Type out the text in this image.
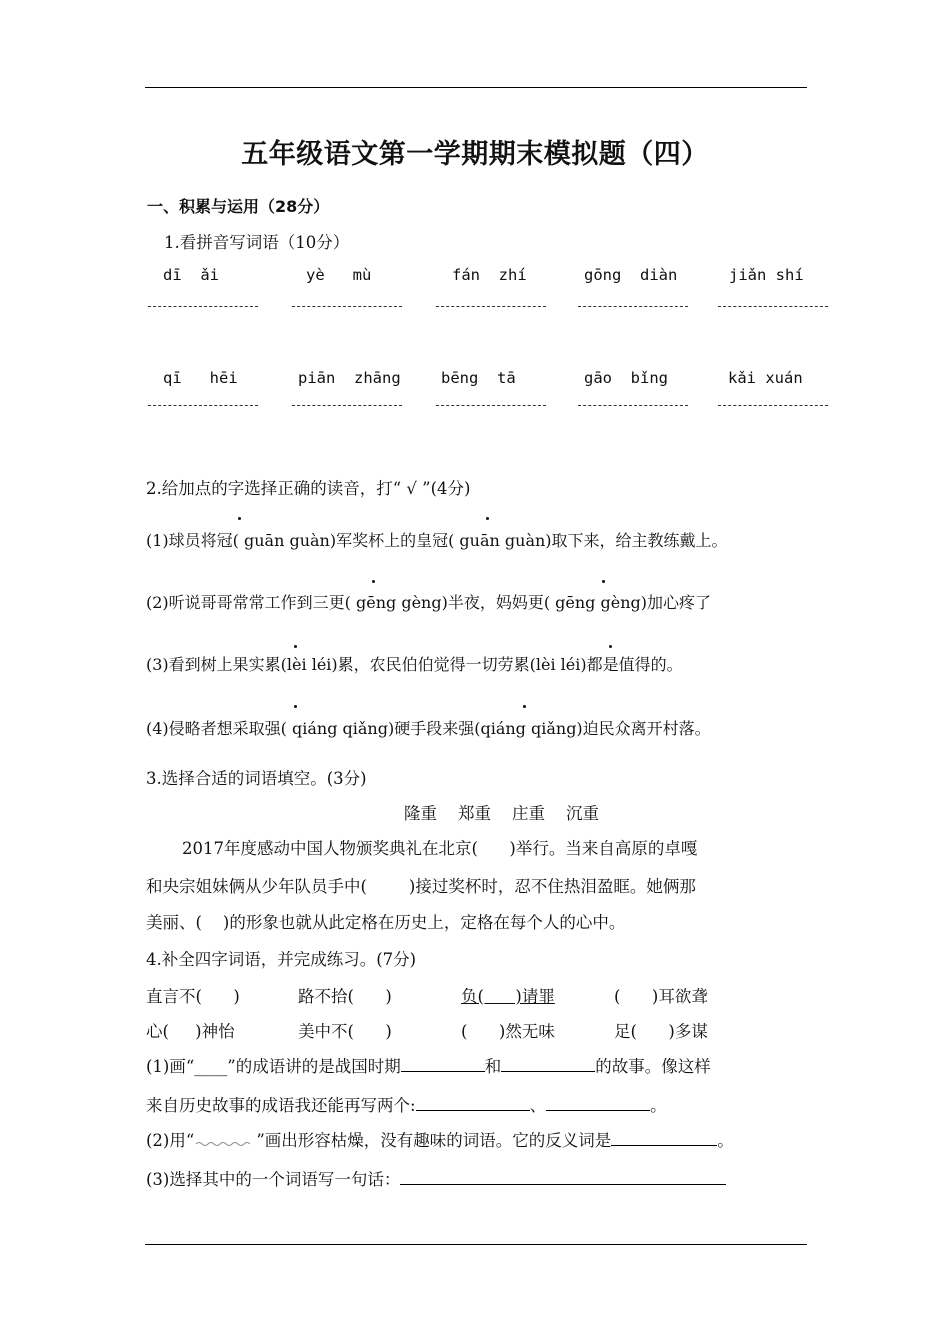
五年级语文第一学期期末模拟题（四）
一、积累与运用（28分）
1.看拼音写词语（10分）
dī  ǎi	yè   mù	fán  zhí	gōng  diàn	jiǎn shí
qī   hēi	piān  zhāng	bēng  tā	gāo  bǐng	kǎi xuán
2.给加点的字选择正确的读音，打“ √ ”(4分)
(1)球员将冠( guān guàn)军奖杯上的皇冠( guān guàn)取下来，给主教练戴上。
(2)听说哥哥常常工作到三更( gēng gèng)半夜，妈妈更( gēng gèng)加心疼了
(3)看到树上果实累(lèi léi)累，农民伯伯觉得一切劳累(lèi léi)都是值得的。
(4)侵略者想采取强( qiáng qiǎng)硬手段来强(qiáng qiǎng)迫民众离开村落。
3.选择合适的词语填空。(3分)
隆重    郑重    庄重    沉重
2017年度感动中国人物颁奖典礼在北京(      )举行。当来自高原的卓嘎
和央宗姐妹俩从少年队员手中(        )接过奖杯时，忍不住热泪盈眶。她俩那
美丽、(    )的形象也就从此定格在历史上，定格在每个人的心中。
4.补全四字词语，并完成练习。(7分)
直言不(      )	路不拾(      )	负(      )请罪	(      )耳欲聋
心(     )神怡	美中不(      )	(      )然无味	足(      )多谋
(1)画“____”的成语讲的是战国时期	和	的故事。像这样
来自历史故事的成语我还能再写两个:	、	。
(2)用“	”画出形容枯燥，没有趣味的词语。它的反义词是	。
(3)选择其中的一个词语写一句话：
